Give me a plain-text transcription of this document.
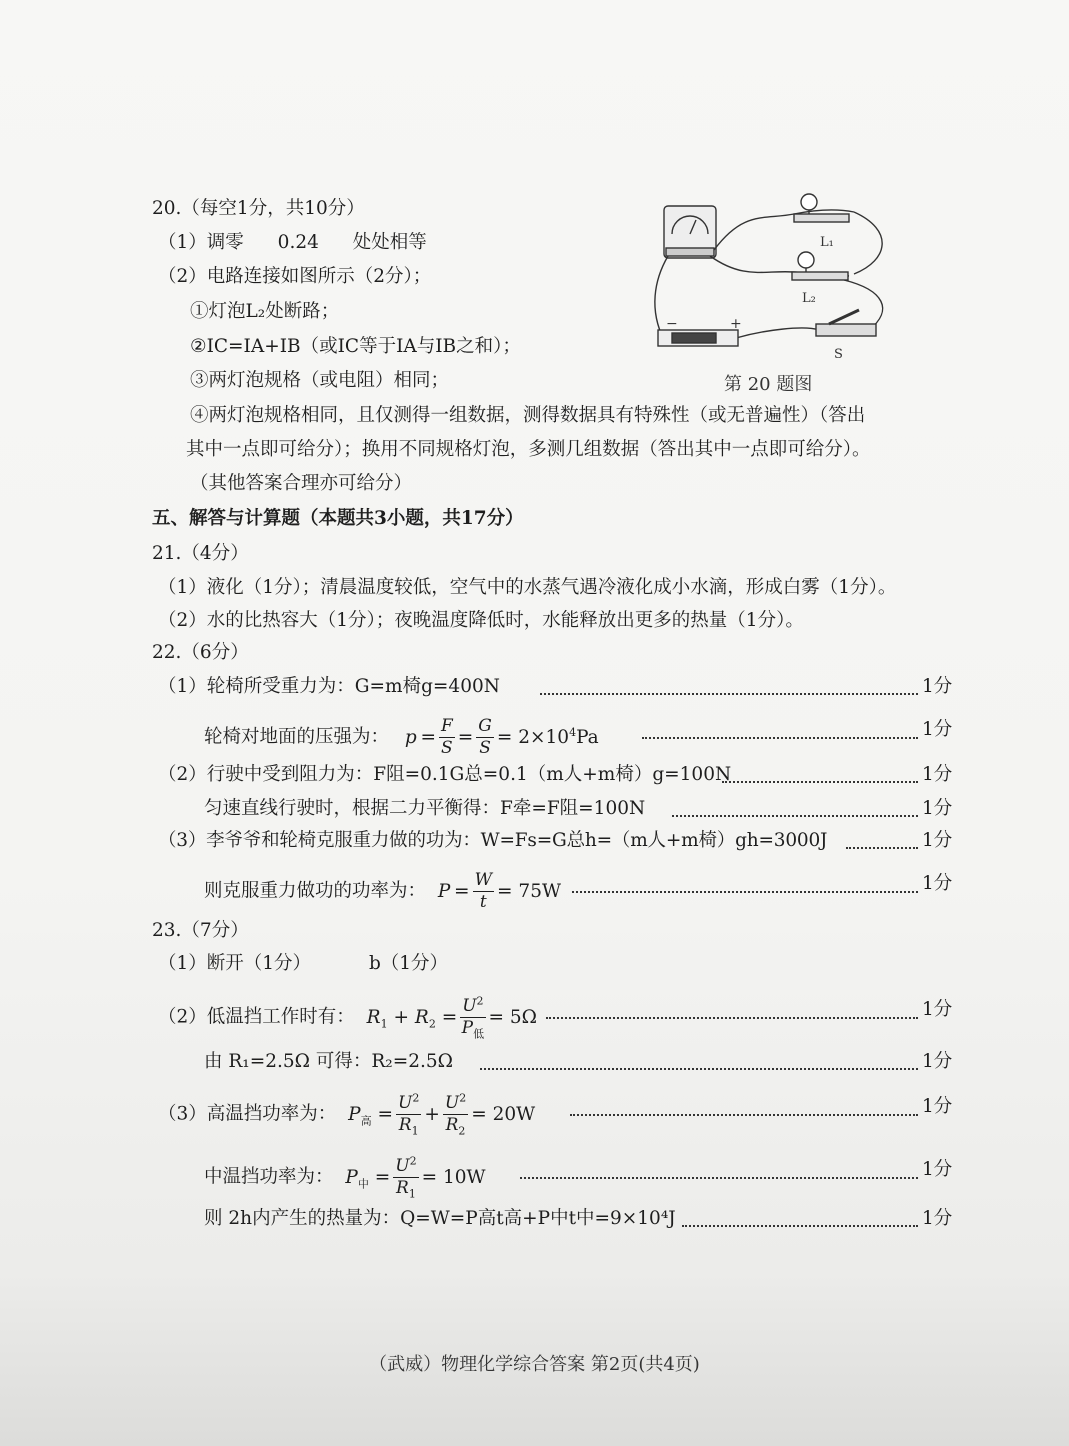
20.（每空1分，共10分）
（1）调零 0.24 处处相等
（2）电路连接如图所示（2分）；
①灯泡L₂处断路；
②IC=IA+IB（或IC等于IA与IB之和）；
③两灯泡规格（或电阻）相同；
④两灯泡规格相同，且仅测得一组数据，测得数据具有特殊性（或无普遍性）（答出
其中一点即可给分）；换用不同规格灯泡，多测几组数据（答出其中一点即可给分）。
（其他答案合理亦可给分）
L₁
L₂
S
−	+
第 20 题图
五、解答与计算题（本题共3小题，共17分）
21.（4分）
（1）液化（1分）；清晨温度较低，空气中的水蒸气遇冷液化成小水滴，形成白雾（1分）。
（2）水的比热容大（1分）；夜晚温度降低时，水能释放出更多的热量（1分）。
22.（6分）
（1）轮椅所受重力为：G=m椅g=400N	1分
轮椅对地面的压强为： $p = \frac{F}{S} = \frac{G}{S} = 2\times 10^4Pa$	1分
（2）行驶中受到阻力为：F阻=0.1G总=0.1（m人+m椅）g=100N	1分
匀速直线行驶时，根据二力平衡得：F牵=F阻=100N	1分
（3）李爷爷和轮椅克服重力做的功为：W=Fs=G总h=（m人+m椅）gh=3000J	1分
则克服重力做功的功率为： $P = \frac{W}{t} = 75W$	1分
23.（7分）
（1）断开（1分）	b（1分）
（2）低温挡工作时有： $R_1 + R_2 = \frac{U^2}{P_低} = 5\Omega$	1分
由 R₁=2.5Ω 可得：R₂=2.5Ω	1分
（3）高温挡功率为： $P_高 = \frac{U^2}{R_1} + \frac{U^2}{R_2} = 20W$	1分
中温挡功率为： $P_中 = \frac{U^2}{R_1} = 10W$	1分
则 2h内产生的热量为：Q=W=P高t高+P中t中=9×10⁴J	1分
（武威）物理化学综合答案 第2页(共4页)
